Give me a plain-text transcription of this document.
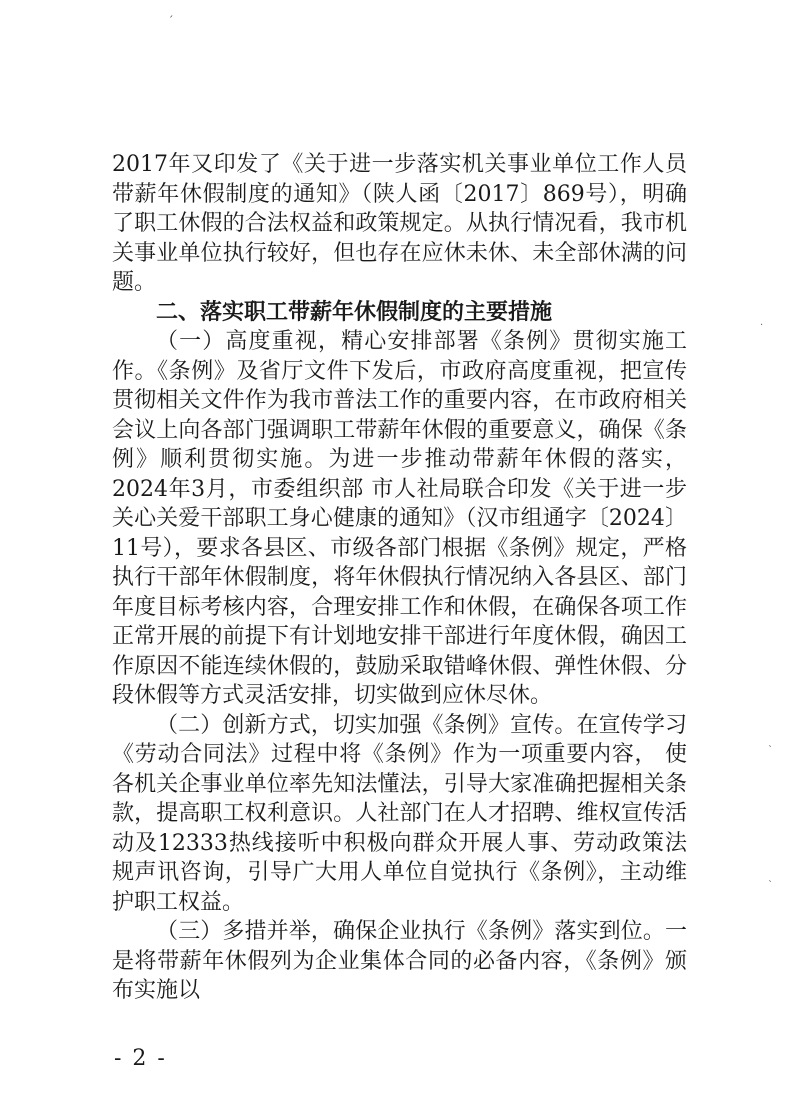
ˊ

2017年又印发了《关于进一步落实机关事业单位工作人员带薪年休假制度的通知》（陕人函〔2017〕869号），明确了职工休假的合法权益和政策规定。从执行情况看，我市机关事业单位执行较好，但也存在应休未休、未全部休满的问题。

二、落实职工带薪年休假制度的主要措施

（一）高度重视，精心安排部署《条例》贯彻实施工作。《条例》及省厅文件下发后，市政府高度重视，把宣传贯彻相关文件作为我市普法工作的重要内容，在市政府相关会议上向各部门强调职工带薪年休假的重要意义，确保《条例》顺利贯彻实施。为进一步推动带薪年休假的落实，2024年3月，市委组织部 市人社局联合印发《关于进一步关心关爱干部职工身心健康的通知》（汉市组通字〔2024〕11号），要求各县区、市级各部门根据《条例》规定，严格执行干部年休假制度，将年休假执行情况纳入各县区、部门年度目标考核内容，合理安排工作和休假，在确保各项工作正常开展的前提下有计划地安排干部进行年度休假，确因工作原因不能连续休假的，鼓励采取错峰休假、弹性休假、分段休假等方式灵活安排，切实做到应休尽休。

（二）创新方式，切实加强《条例》宣传。在宣传学习《劳动合同法》过程中将《条例》作为一项重要内容， 使各机关企事业单位率先知法懂法，引导大家准确把握相关条款，提高职工权利意识。人社部门在人才招聘、维权宣传活动及12333热线接听中积极向群众开展人事、劳动政策法规声讯咨询，引导广大用人单位自觉执行《条例》，主动维护职工权益。

（三）多措并举，确保企业执行《条例》落实到位。一是将带薪年休假列为企业集体合同的必备内容，《条例》颁布实施以

- 2 -
·
ˋ
ˋ
